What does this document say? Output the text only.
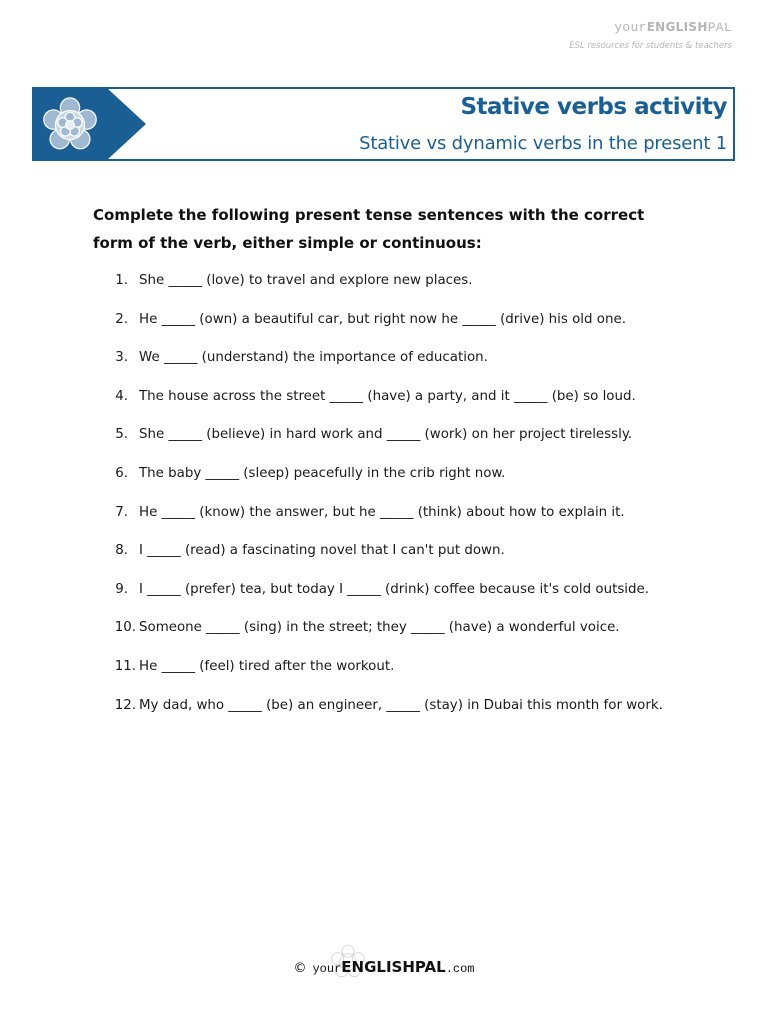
yourENGLISHPAL
ESL resources for students & teachers
Stative verbs activity
Stative vs dynamic verbs in the present 1
Complete the following present tense sentences with the correct form of the verb, either simple or continuous:
1. She _____ (love) to travel and explore new places.
2. He _____ (own) a beautiful car, but right now he _____ (drive) his old one.
3. We _____ (understand) the importance of education.
4. The house across the street _____ (have) a party, and it _____ (be) so loud.
5. She _____ (believe) in hard work and _____ (work) on her project tirelessly.
6. The baby _____ (sleep) peacefully in the crib right now.
7. He _____ (know) the answer, but he _____ (think) about how to explain it.
8. I _____ (read) a fascinating novel that I can't put down.
9. I _____ (prefer) tea, but today I _____ (drink) coffee because it's cold outside.
10. Someone _____ (sing) in the street; they _____ (have) a wonderful voice.
11. He _____ (feel) tired after the workout.
12. My dad, who _____ (be) an engineer, _____ (stay) in Dubai this month for work.
© yourENGLISHPAL.com
